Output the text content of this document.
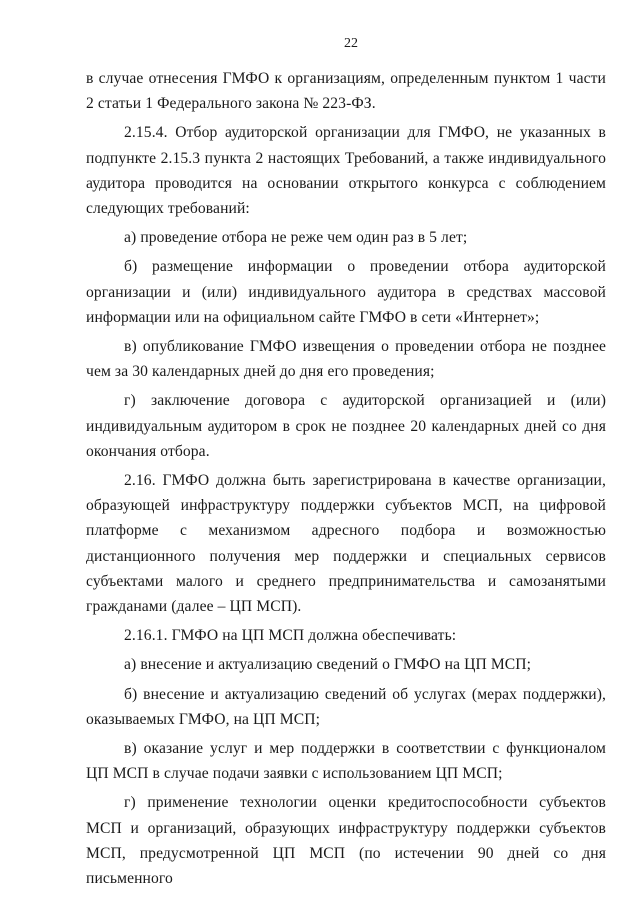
22

в случае отнесения ГМФО к организациям, определенным пунктом 1 части 2 статьи 1 Федерального закона № 223-ФЗ.

2.15.4. Отбор аудиторской организации для ГМФО, не указанных в подпункте 2.15.3 пункта 2 настоящих Требований, а также индивидуального аудитора проводится на основании открытого конкурса с соблюдением следующих требований:

а) проведение отбора не реже чем один раз в 5 лет;

б) размещение информации о проведении отбора аудиторской организации и (или) индивидуального аудитора в средствах массовой информации или на официальном сайте ГМФО в сети «Интернет»;

в) опубликование ГМФО извещения о проведении отбора не позднее чем за 30 календарных дней до дня его проведения;

г) заключение договора с аудиторской организацией и (или) индивидуальным аудитором в срок не позднее 20 календарных дней со дня окончания отбора.

2.16. ГМФО должна быть зарегистрирована в качестве организации, образующей инфраструктуру поддержки субъектов МСП, на цифровой платформе с механизмом адресного подбора и возможностью дистанционного получения мер поддержки и специальных сервисов субъектами малого и среднего предпринимательства и самозанятыми гражданами (далее – ЦП МСП).

2.16.1. ГМФО на ЦП МСП должна обеспечивать:

а) внесение и актуализацию сведений о ГМФО на ЦП МСП;

б) внесение и актуализацию сведений об услугах (мерах поддержки), оказываемых ГМФО, на ЦП МСП;

в) оказание услуг и мер поддержки в соответствии с функционалом ЦП МСП в случае подачи заявки с использованием ЦП МСП;

г) применение технологии оценки кредитоспособности субъектов МСП и организаций, образующих инфраструктуру поддержки субъектов МСП, предусмотренной ЦП МСП (по истечении 90 дней со дня письменного
